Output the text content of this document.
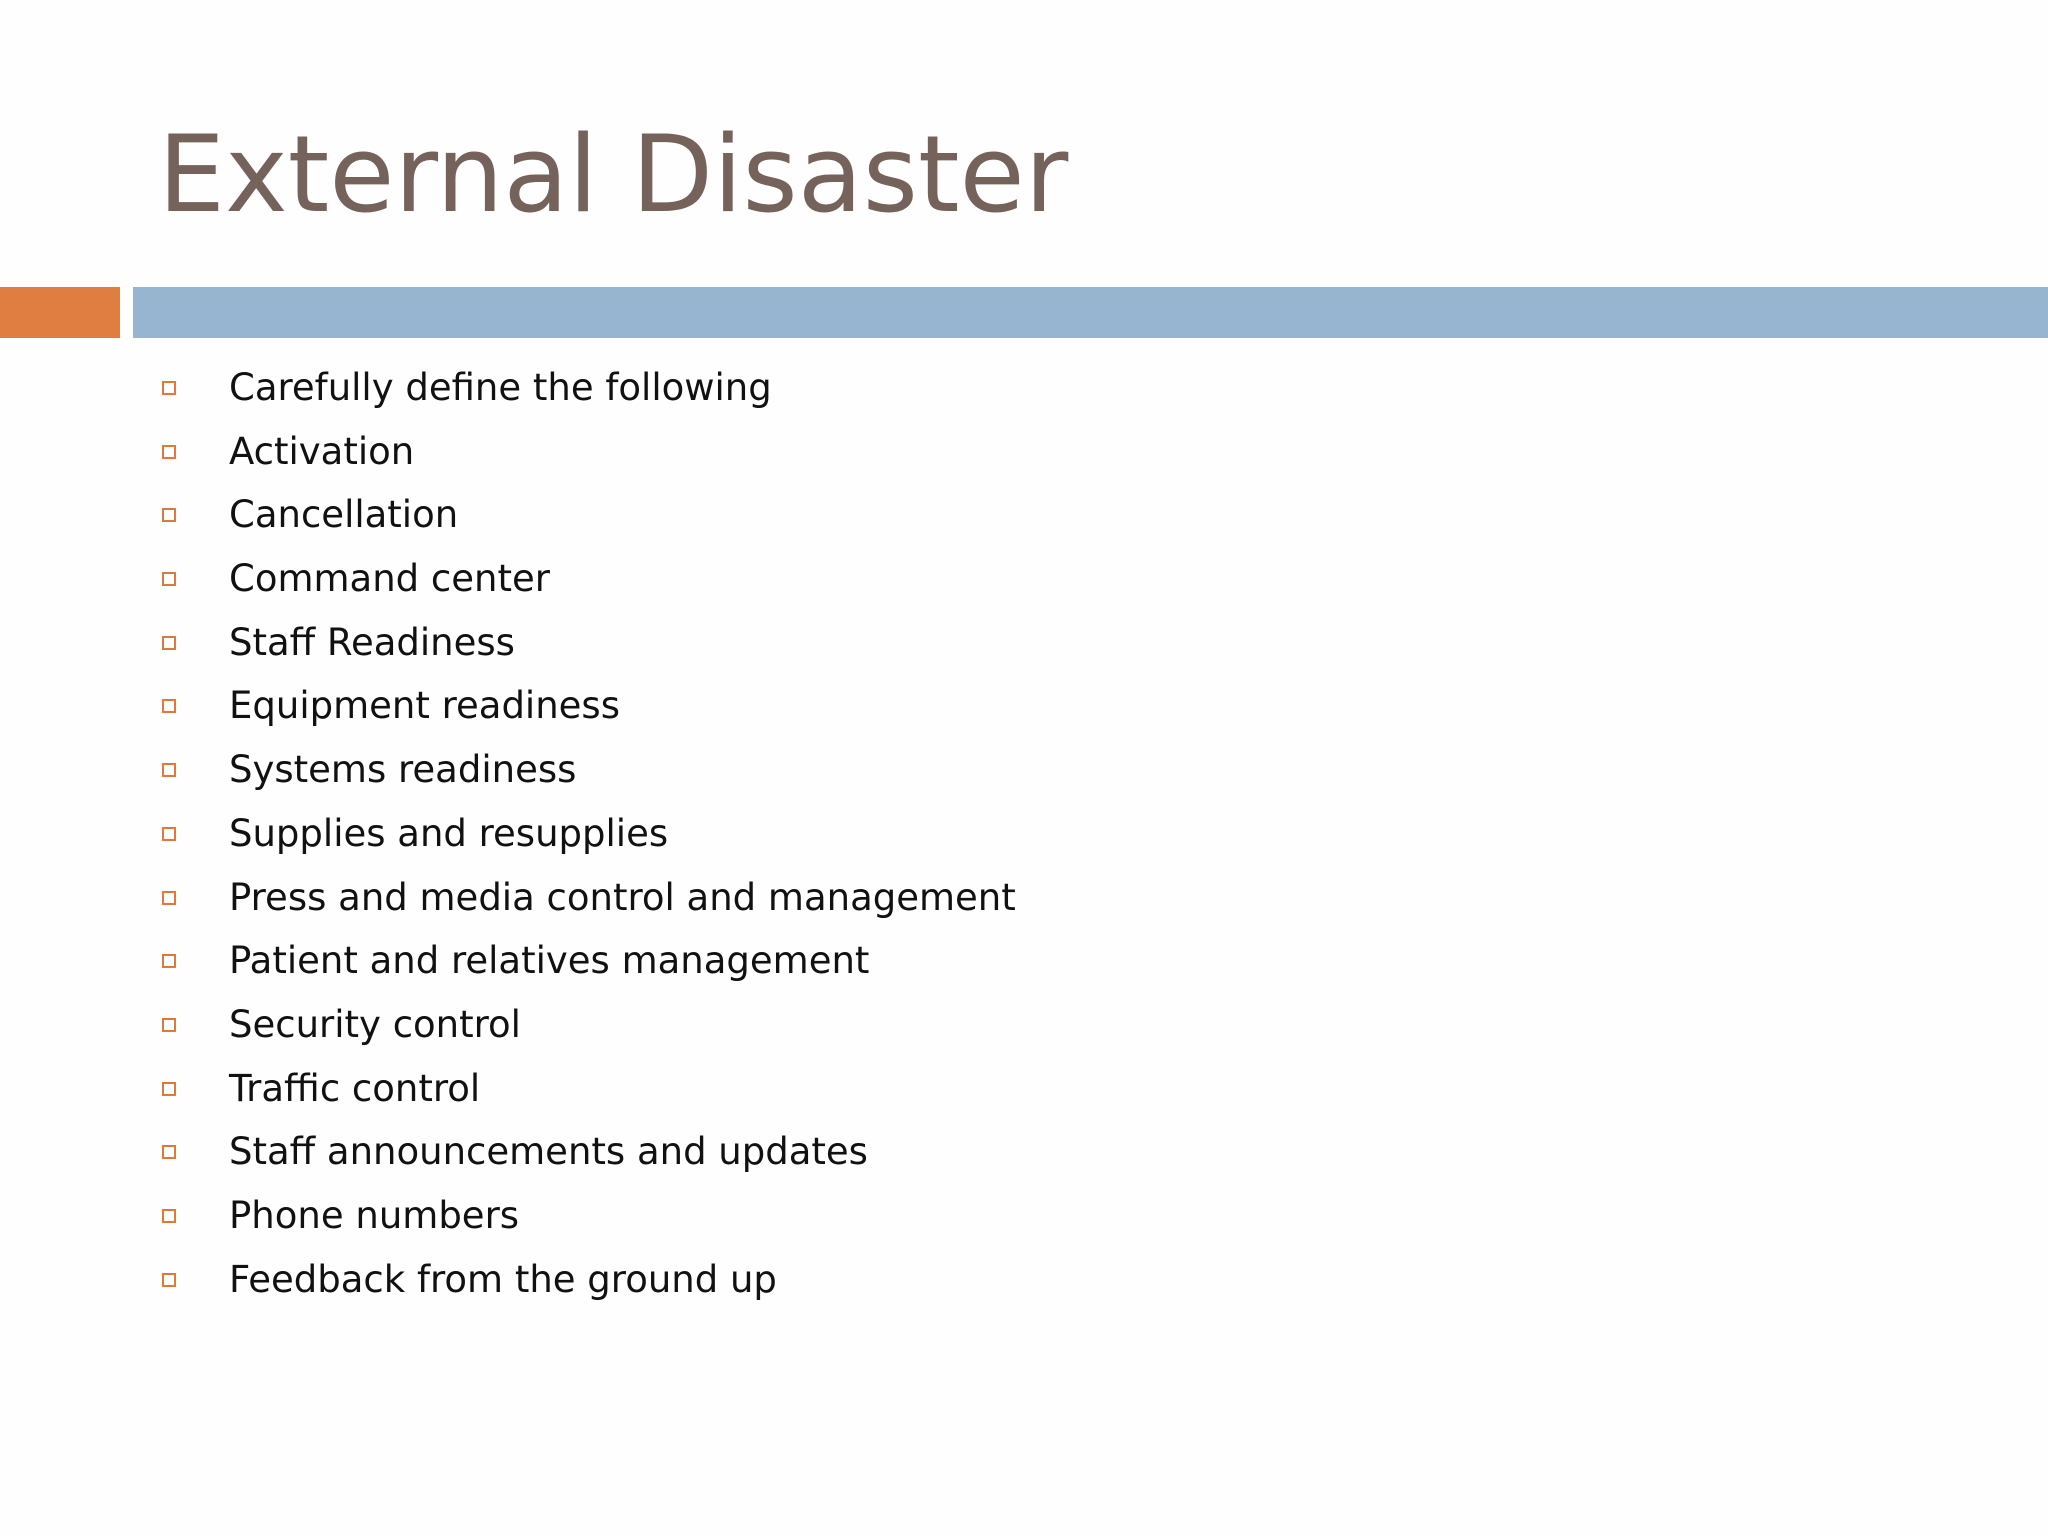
External Disaster
Carefully define the following
Activation
Cancellation
Command center
Staff Readiness
Equipment readiness
Systems readiness
Supplies and resupplies
Press and media control and management
Patient and relatives management
Security control
Traffic control
Staff announcements and updates
Phone numbers
Feedback from the ground up
